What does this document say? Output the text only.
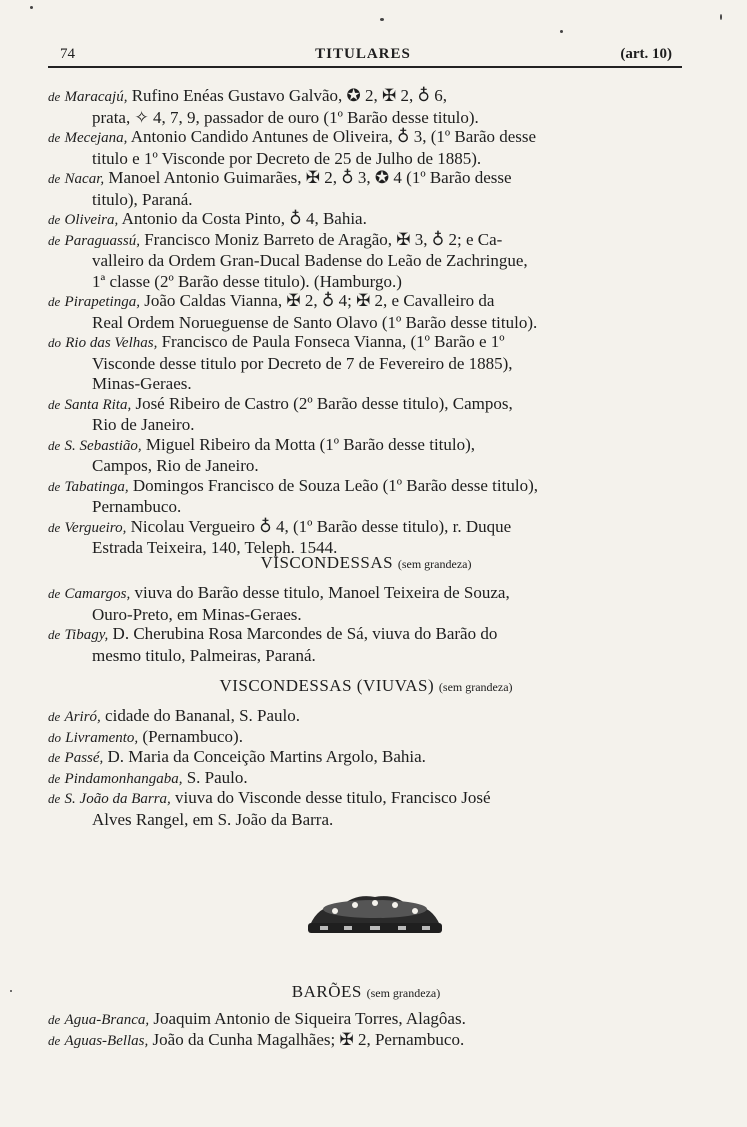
74	TITULARES	(art. 10)
de Maracajú, Rufino Enéas Gustavo Galvão, ✪ 2, ✠ 2, ♁ 6,
prata, ✧ 4, 7, 9, passador de ouro (1º Barão desse titulo).
de Mecejana, Antonio Candido Antunes de Oliveira, ♁ 3, (1º Barão desse
titulo e 1º Visconde por Decreto de 25 de Julho de 1885).
de Nacar, Manoel Antonio Guimarães, ✠ 2, ♁ 3, ✪ 4 (1º Barão desse
titulo), Paraná.
de Oliveira, Antonio da Costa Pinto, ♁ 4, Bahia.
de Paraguassú, Francisco Moniz Barreto de Aragão, ✠ 3, ♁ 2; e Ca-
valleiro da Ordem Gran-Ducal Badense do Leão de Zachringue,
1ª classe (2º Barão desse titulo). (Hamburgo.)
de Pirapetinga, João Caldas Vianna, ✠ 2, ♁ 4; ✠ 2, e Cavalleiro da
Real Ordem Norueguense de Santo Olavo (1º Barão desse titulo).
do Rio das Velhas, Francisco de Paula Fonseca Vianna, (1º Barão e 1º
Visconde desse titulo por Decreto de 7 de Fevereiro de 1885),
Minas-Geraes.
de Santa Rita, José Ribeiro de Castro (2º Barão desse titulo), Campos,
Rio de Janeiro.
de S. Sebastião, Miguel Ribeiro da Motta (1º Barão desse titulo),
Campos, Rio de Janeiro.
de Tabatinga, Domingos Francisco de Souza Leão (1º Barão desse titulo),
Pernambuco.
de Vergueiro, Nicolau Vergueiro ♁ 4, (1º Barão desse titulo), r. Duque
Estrada Teixeira, 140, Teleph. 1544.
de Camargos, viuva do Barão desse titulo, Manoel Teixeira de Souza,
Ouro-Preto, em Minas-Geraes.
de Tibagy, D. Cherubina Rosa Marcondes de Sá, viuva do Barão do
mesmo titulo, Palmeiras, Paraná.
de Ariró, cidade do Bananal, S. Paulo.
do Livramento, (Pernambuco).
de Passé, D. Maria da Conceição Martins Argolo, Bahia.
de Pindamonhangaba, S. Paulo.
de S. João da Barra, viuva do Visconde desse titulo, Francisco José
Alves Rangel, em S. João da Barra.
de Agua-Branca, Joaquim Antonio de Siqueira Torres, Alagôas.
de Aguas-Bellas, João da Cunha Magalhães; ✠ 2, Pernambuco.
VISCONDESSAS (sem grandeza)
VISCONDESSAS (VIUVAS) (sem grandeza)
BARÕES (sem grandeza)
